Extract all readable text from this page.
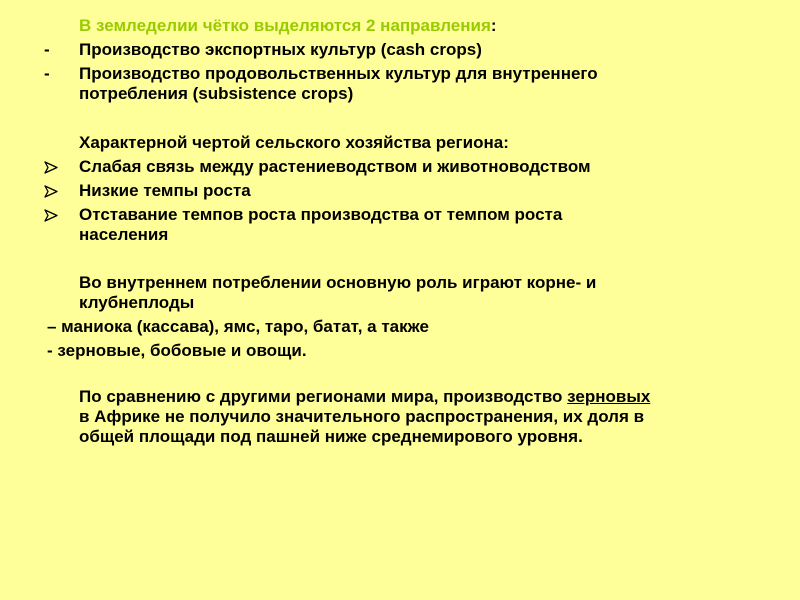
В земледелии чётко выделяются 2 направления:
- Производство экспортных культур (cash crops)
- Производство продовольственных культур для внутреннего
потребления (subsistence crops)
Характерной чертой сельского хозяйства региона:
Слабая связь между растениеводством и животноводством
Низкие темпы роста
Отставание темпов роста производства от темпом роста
населения
Во внутреннем потреблении основную роль играют корне- и
клубнеплоды
– маниока (кассава), ямс, таро, батат, а также
- зерновые, бобовые и овощи.
По сравнению с другими регионами мира, производство зерновых
в Африке не получило значительного распространения, их доля в
общей площади под пашней ниже среднемирового уровня.
